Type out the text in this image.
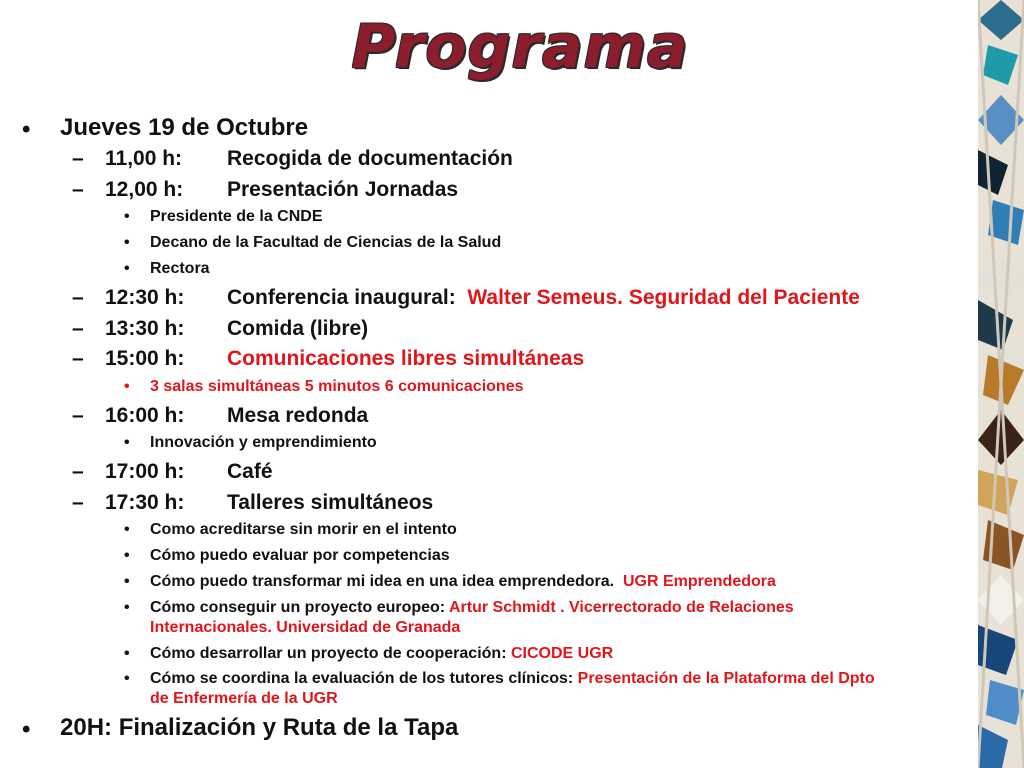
Programa
• Jueves 19 de Octubre
– 11,00 h: Recogida de documentación
– 12,00 h: Presentación Jornadas
• Presidente de la CNDE
• Decano de la Facultad de Ciencias de la Salud
• Rectora
– 12:30 h: Conferencia inaugural: Walter Semeus. Seguridad del Paciente
– 13:30 h: Comida (libre)
– 15:00 h: Comunicaciones libres simultáneas
• 3 salas simultáneas 5 minutos 6 comunicaciones
– 16:00 h: Mesa redonda
• Innovación y emprendimiento
– 17:00 h: Café
– 17:30 h: Talleres simultáneos
• Como acreditarse sin morir en el intento
• Cómo puedo evaluar por competencias
• Cómo puedo transformar mi idea en una idea emprendedora. UGR Emprendedora
• Cómo conseguir un proyecto europeo: Artur Schmidt . Vicerrectorado de Relaciones
Internacionales. Universidad de Granada
• Cómo desarrollar un proyecto de cooperación: CICODE UGR
• Cómo se coordina la evaluación de los tutores clínicos: Presentación de la Plataforma del Dpto
de Enfermería de la UGR
• 20H: Finalización y Ruta de la Tapa
